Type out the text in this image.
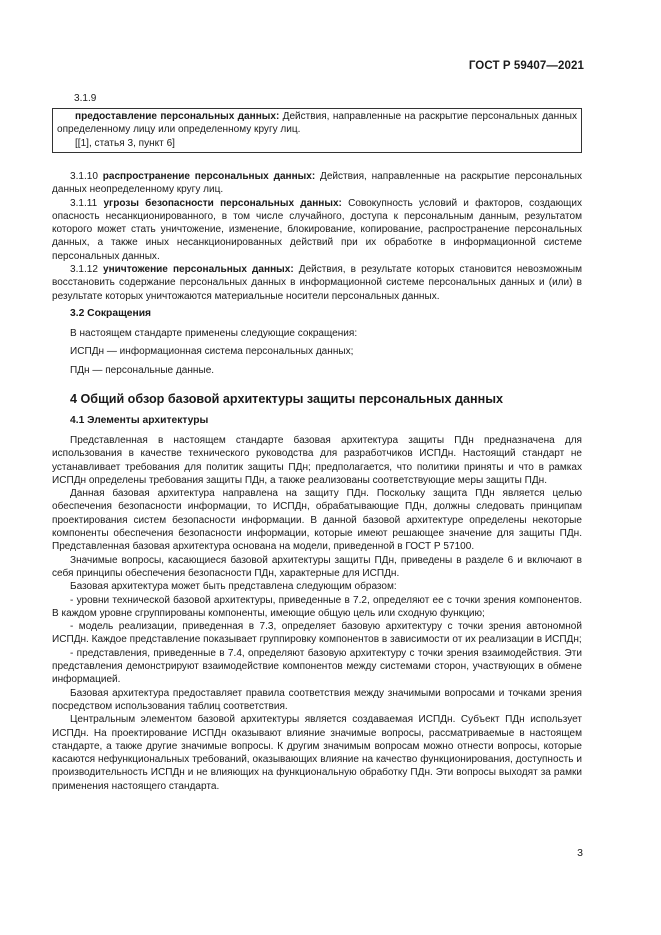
ГОСТ Р 59407—2021
3.1.9

предоставление персональных данных: Действия, направленные на раскрытие персональных данных определенному лицу или определенному кругу лиц.

[[1], статья 3, пункт 6]

3.1.10 распространение персональных данных: Действия, направленные на раскрытие персональных данных неопределенному кругу лиц.

3.1.11 угрозы безопасности персональных данных: Совокупность условий и факторов, создающих опасность несанкционированного, в том числе случайного, доступа к персональным данным, результатом которого может стать уничтожение, изменение, блокирование, копирование, распространение персональных данных, а также иных несанкционированных действий при их обработке в информационной системе персональных данных.

3.1.12 уничтожение персональных данных: Действия, в результате которых становится невозможным восстановить содержание персональных данных в информационной системе персональных данных и (или) в результате которых уничтожаются материальные носители персональных данных.

3.2 Сокращения

В настоящем стандарте применены следующие сокращения:

ИСПДн — информационная система персональных данных;

ПДн — персональные данные.

4 Общий обзор базовой архитектуры защиты персональных данных

4.1 Элементы архитектуры

Представленная в настоящем стандарте базовая архитектура защиты ПДн предназначена для использования в качестве технического руководства для разработчиков ИСПДн. Настоящий стандарт не устанавливает требования для политик защиты ПДн; предполагается, что политики приняты и что в рамках ИСПДн определены требования защиты ПДн, а также реализованы соответствующие меры защиты ПДн.

Данная базовая архитектура направлена на защиту ПДн. Поскольку защита ПДн является целью обеспечения безопасности информации, то ИСПДн, обрабатывающие ПДн, должны следовать принципам проектирования систем безопасности информации. В данной базовой архитектуре определены некоторые компоненты обеспечения безопасности информации, которые имеют решающее значение для защиты ПДн. Представленная базовая архитектура основана на модели, приведенной в ГОСТ Р 57100.

Значимые вопросы, касающиеся базовой архитектуры защиты ПДн, приведены в разделе 6 и включают в себя принципы обеспечения безопасности ПДн, характерные для ИСПДн.

Базовая архитектура может быть представлена следующим образом:

- уровни технической базовой архитектуры, приведенные в 7.2, определяют ее с точки зрения компонентов. В каждом уровне сгруппированы компоненты, имеющие общую цель или сходную функцию;

- модель реализации, приведенная в 7.3, определяет базовую архитектуру с точки зрения автономной ИСПДн. Каждое представление показывает группировку компонентов в зависимости от их реализации в ИСПДн;

- представления, приведенные в 7.4, определяют базовую архитектуру с точки зрения взаимодействия. Эти представления демонстрируют взаимодействие компонентов между системами сторон, участвующих в обмене информацией.

Базовая архитектура предоставляет правила соответствия между значимыми вопросами и точками зрения посредством использования таблиц соответствия.

Центральным элементом базовой архитектуры является создаваемая ИСПДн. Субъект ПДн использует ИСПДн. На проектирование ИСПДн оказывают влияние значимые вопросы, рассматриваемые в настоящем стандарте, а также другие значимые вопросы. К другим значимым вопросам можно отнести вопросы, которые касаются нефункциональных требований, оказывающих влияние на качество функционирования, доступность и производительность ИСПДн и не влияющих на функциональную обработку ПДн. Эти вопросы выходят за рамки применения настоящего стандарта.

3
